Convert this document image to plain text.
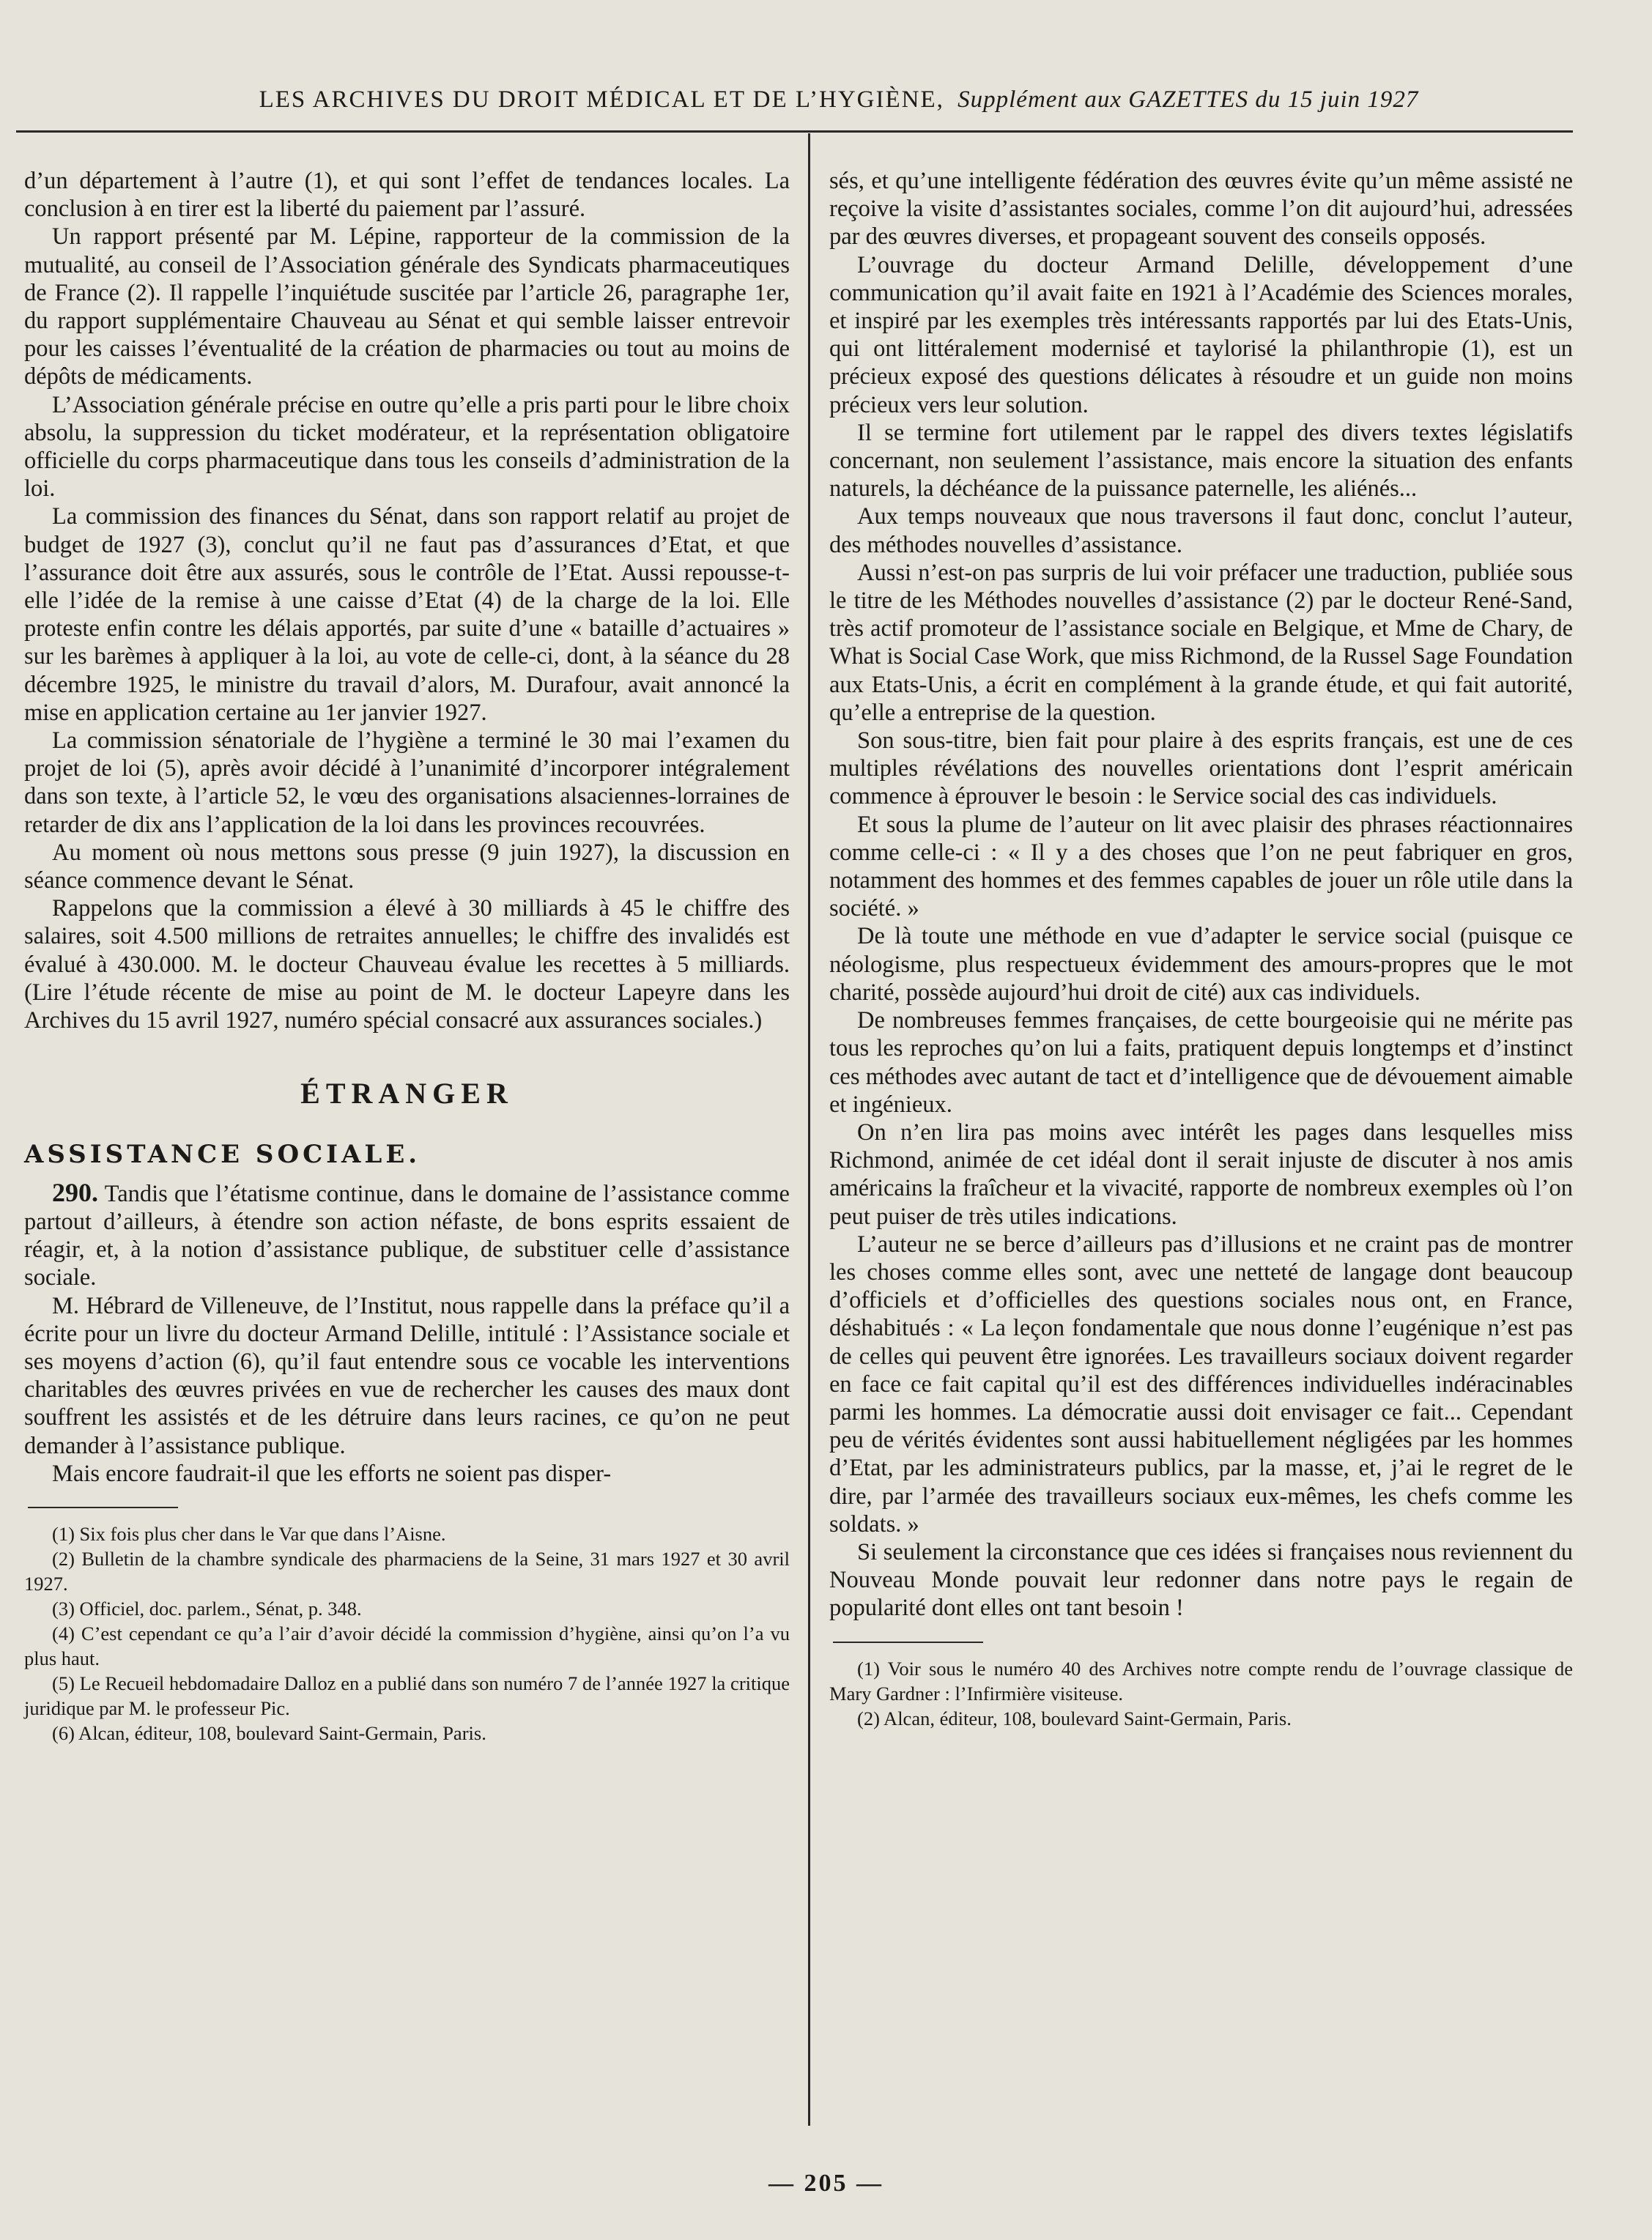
LES ARCHIVES DU DROIT MÉDICAL ET DE L’HYGIÈNE, Supplément aux GAZETTES du 15 juin 1927

d’un département à l’autre (1), et qui sont l’effet de tendances locales. La conclusion à en tirer est la liberté du paiement par l’assuré.

Un rapport présenté par M. Lépine, rapporteur de la commission de la mutualité, au conseil de l’Association générale des Syndicats pharmaceutiques de France (2). Il rappelle l’inquiétude suscitée par l’article 26, paragraphe 1er, du rapport supplémentaire Chauveau au Sénat et qui semble laisser entrevoir pour les caisses l’éventualité de la création de pharmacies ou tout au moins de dépôts de médicaments.

L’Association générale précise en outre qu’elle a pris parti pour le libre choix absolu, la suppression du ticket modérateur, et la représentation obligatoire officielle du corps pharmaceutique dans tous les conseils d’administration de la loi.

La commission des finances du Sénat, dans son rapport relatif au projet de budget de 1927 (3), conclut qu’il ne faut pas d’assurances d’Etat, et que l’assurance doit être aux assurés, sous le contrôle de l’Etat. Aussi repousse-t-elle l’idée de la remise à une caisse d’Etat (4) de la charge de la loi. Elle proteste enfin contre les délais apportés, par suite d’une « bataille d’actuaires » sur les barèmes à appliquer à la loi, au vote de celle-ci, dont, à la séance du 28 décembre 1925, le ministre du travail d’alors, M. Durafour, avait annoncé la mise en application certaine au 1er janvier 1927.

La commission sénatoriale de l’hygiène a terminé le 30 mai l’examen du projet de loi (5), après avoir décidé à l’unanimité d’incorporer intégralement dans son texte, à l’article 52, le vœu des organisations alsaciennes-lorraines de retarder de dix ans l’application de la loi dans les provinces recouvrées.

Au moment où nous mettons sous presse (9 juin 1927), la discussion en séance commence devant le Sénat.

Rappelons que la commission a élevé à 30 milliards à 45 le chiffre des salaires, soit 4.500 millions de retraites annuelles; le chiffre des invalidés est évalué à 430.000. M. le docteur Chauveau évalue les recettes à 5 milliards. (Lire l’étude récente de mise au point de M. le docteur Lapeyre dans les Archives du 15 avril 1927, numéro spécial consacré aux assurances sociales.)

ÉTRANGER
ASSISTANCE SOCIALE.

290. Tandis que l’étatisme continue, dans le domaine de l’assistance comme partout d’ailleurs, à étendre son action néfaste, de bons esprits essaient de réagir, et, à la notion d’assistance publique, de substituer celle d’assistance sociale.

M. Hébrard de Villeneuve, de l’Institut, nous rappelle dans la préface qu’il a écrite pour un livre du docteur Armand Delille, intitulé : l’Assistance sociale et ses moyens d’action (6), qu’il faut entendre sous ce vocable les interventions charitables des œuvres privées en vue de rechercher les causes des maux dont souffrent les assistés et de les détruire dans leurs racines, ce qu’on ne peut demander à l’assistance publique.

Mais encore faudrait-il que les efforts ne soient pas disper-

(1) Six fois plus cher dans le Var que dans l’Aisne.
(2) Bulletin de la chambre syndicale des pharmaciens de la Seine, 31 mars 1927 et 30 avril 1927.
(3) Officiel, doc. parlem., Sénat, p. 348.
(4) C’est cependant ce qu’a l’air d’avoir décidé la commission d’hygiène, ainsi qu’on l’a vu plus haut.
(5) Le Recueil hebdomadaire Dalloz en a publié dans son numéro 7 de l’année 1927 la critique juridique par M. le professeur Pic.
(6) Alcan, éditeur, 108, boulevard Saint-Germain, Paris.

sés, et qu’une intelligente fédération des œuvres évite qu’un même assisté ne reçoive la visite d’assistantes sociales, comme l’on dit aujourd’hui, adressées par des œuvres diverses, et propageant souvent des conseils opposés.

L’ouvrage du docteur Armand Delille, développement d’une communication qu’il avait faite en 1921 à l’Académie des Sciences morales, et inspiré par les exemples très intéressants rapportés par lui des Etats-Unis, qui ont littéralement modernisé et taylorisé la philanthropie (1), est un précieux exposé des questions délicates à résoudre et un guide non moins précieux vers leur solution.

Il se termine fort utilement par le rappel des divers textes législatifs concernant, non seulement l’assistance, mais encore la situation des enfants naturels, la déchéance de la puissance paternelle, les aliénés...

Aux temps nouveaux que nous traversons il faut donc, conclut l’auteur, des méthodes nouvelles d’assistance.

Aussi n’est-on pas surpris de lui voir préfacer une traduction, publiée sous le titre de les Méthodes nouvelles d’assistance (2) par le docteur René-Sand, très actif promoteur de l’assistance sociale en Belgique, et Mme de Chary, de What is Social Case Work, que miss Richmond, de la Russel Sage Foundation aux Etats-Unis, a écrit en complément à la grande étude, et qui fait autorité, qu’elle a entreprise de la question.

Son sous-titre, bien fait pour plaire à des esprits français, est une de ces multiples révélations des nouvelles orientations dont l’esprit américain commence à éprouver le besoin : le Service social des cas individuels.

Et sous la plume de l’auteur on lit avec plaisir des phrases réactionnaires comme celle-ci : « Il y a des choses que l’on ne peut fabriquer en gros, notamment des hommes et des femmes capables de jouer un rôle utile dans la société. »

De là toute une méthode en vue d’adapter le service social (puisque ce néologisme, plus respectueux évidemment des amours-propres que le mot charité, possède aujourd’hui droit de cité) aux cas individuels.

De nombreuses femmes françaises, de cette bourgeoisie qui ne mérite pas tous les reproches qu’on lui a faits, pratiquent depuis longtemps et d’instinct ces méthodes avec autant de tact et d’intelligence que de dévouement aimable et ingénieux.

On n’en lira pas moins avec intérêt les pages dans lesquelles miss Richmond, animée de cet idéal dont il serait injuste de discuter à nos amis américains la fraîcheur et la vivacité, rapporte de nombreux exemples où l’on peut puiser de très utiles indications.

L’auteur ne se berce d’ailleurs pas d’illusions et ne craint pas de montrer les choses comme elles sont, avec une netteté de langage dont beaucoup d’officiels et d’officielles des questions sociales nous ont, en France, déshabitués : « La leçon fondamentale que nous donne l’eugénique n’est pas de celles qui peuvent être ignorées. Les travailleurs sociaux doivent regarder en face ce fait capital qu’il est des différences individuelles indéracinables parmi les hommes. La démocratie aussi doit envisager ce fait... Cependant peu de vérités évidentes sont aussi habituellement négligées par les hommes d’Etat, par les administrateurs publics, par la masse, et, j’ai le regret de le dire, par l’armée des travailleurs sociaux eux-mêmes, les chefs comme les soldats. »

Si seulement la circonstance que ces idées si françaises nous reviennent du Nouveau Monde pouvait leur redonner dans notre pays le regain de popularité dont elles ont tant besoin !

(1) Voir sous le numéro 40 des Archives notre compte rendu de l’ouvrage classique de Mary Gardner : l’Infirmière visiteuse.
(2) Alcan, éditeur, 108, boulevard Saint-Germain, Paris.
— 205 —
